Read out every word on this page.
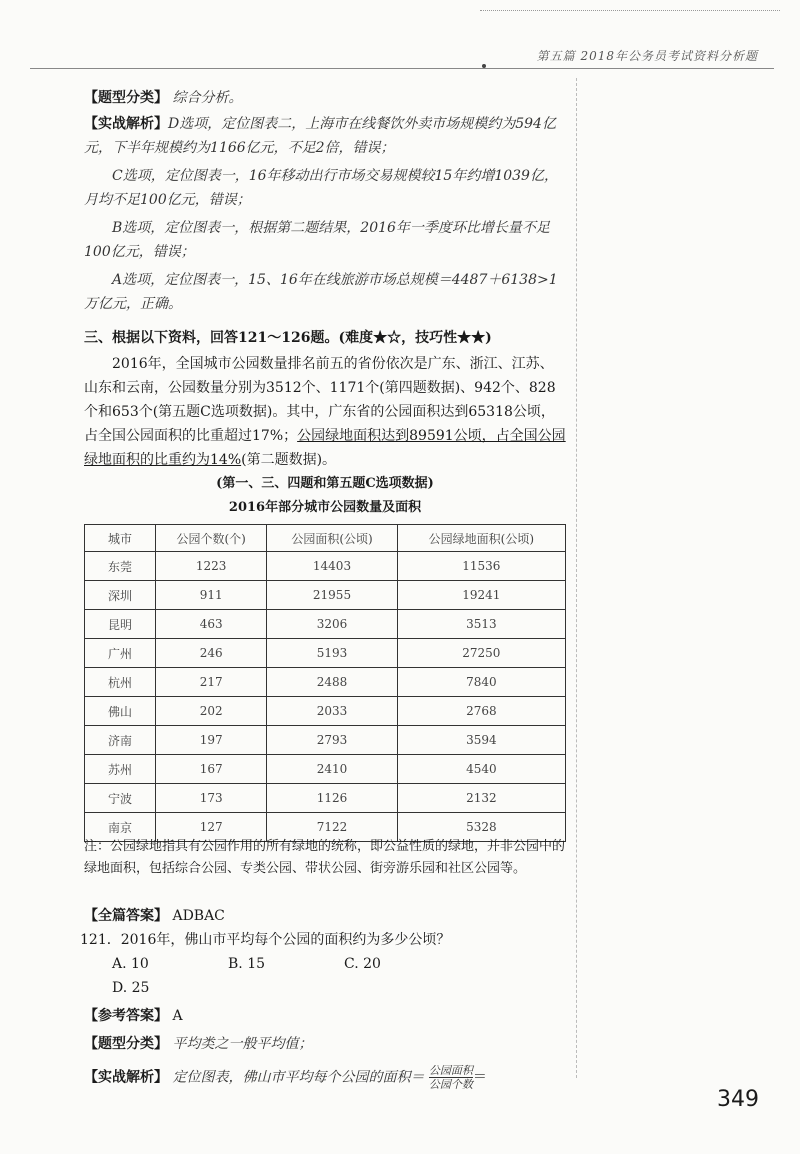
第五篇 2018年公务员考试资料分析题

【题型分类】 综合分析。

【实战解析】D选项，定位图表二，上海市在线餐饮外卖市场规模约为594亿元，下半年规模约为1166亿元，不足2倍，错误；

C选项，定位图表一，16年移动出行市场交易规模较15年约增1039亿，月均不足100亿元，错误；

B选项，定位图表一，根据第二题结果，2016年一季度环比增长量不足100亿元，错误；

A选项，定位图表一，15、16年在线旅游市场总规模＝4487＋6138>1万亿元，正确。

三、根据以下资料，回答121～126题。(难度★☆，技巧性★★)

2016年，全国城市公园数量排名前五的省份依次是广东、浙江、江苏、山东和云南，公园数量分别为3512个、1171个(第四题数据)、942个、828个和653个(第五题C选项数据)。其中，广东省的公园面积达到65318公顷，占全国公园面积的比重超过17%；公园绿地面积达到89591公顷，占全国公园绿地面积的比重约为14%(第二题数据)。

(第一、三、四题和第五题C选项数据)

2016年部分城市公园数量及面积

城市	公园个数(个)	公园面积(公顷)	公园绿地面积(公顷)
东莞	1223	14403	11536
深圳	911	21955	19241
昆明	463	3206	3513
广州	246	5193	27250
杭州	217	2488	7840
佛山	202	2033	2768
济南	197	2793	3594
苏州	167	2410	4540
宁波	173	1126	2132
南京	127	7122	5328

注：公园绿地指具有公园作用的所有绿地的统称，即公益性质的绿地，并非公园中的绿地面积，包括综合公园、专类公园、带状公园、街旁游乐园和社区公园等。

【全篇答案】 ADBAC

121．2016年，佛山市平均每个公园的面积约为多少公顷？

A. 10	B. 15	C. 20D. 25

【参考答案】 A

【题型分类】 平均类之一般平均值；

【实战解析】 定位图表，佛山市平均每个公园的面积＝ $\frac{\text{公园面积}}{\text{公园个数}}=$

349
